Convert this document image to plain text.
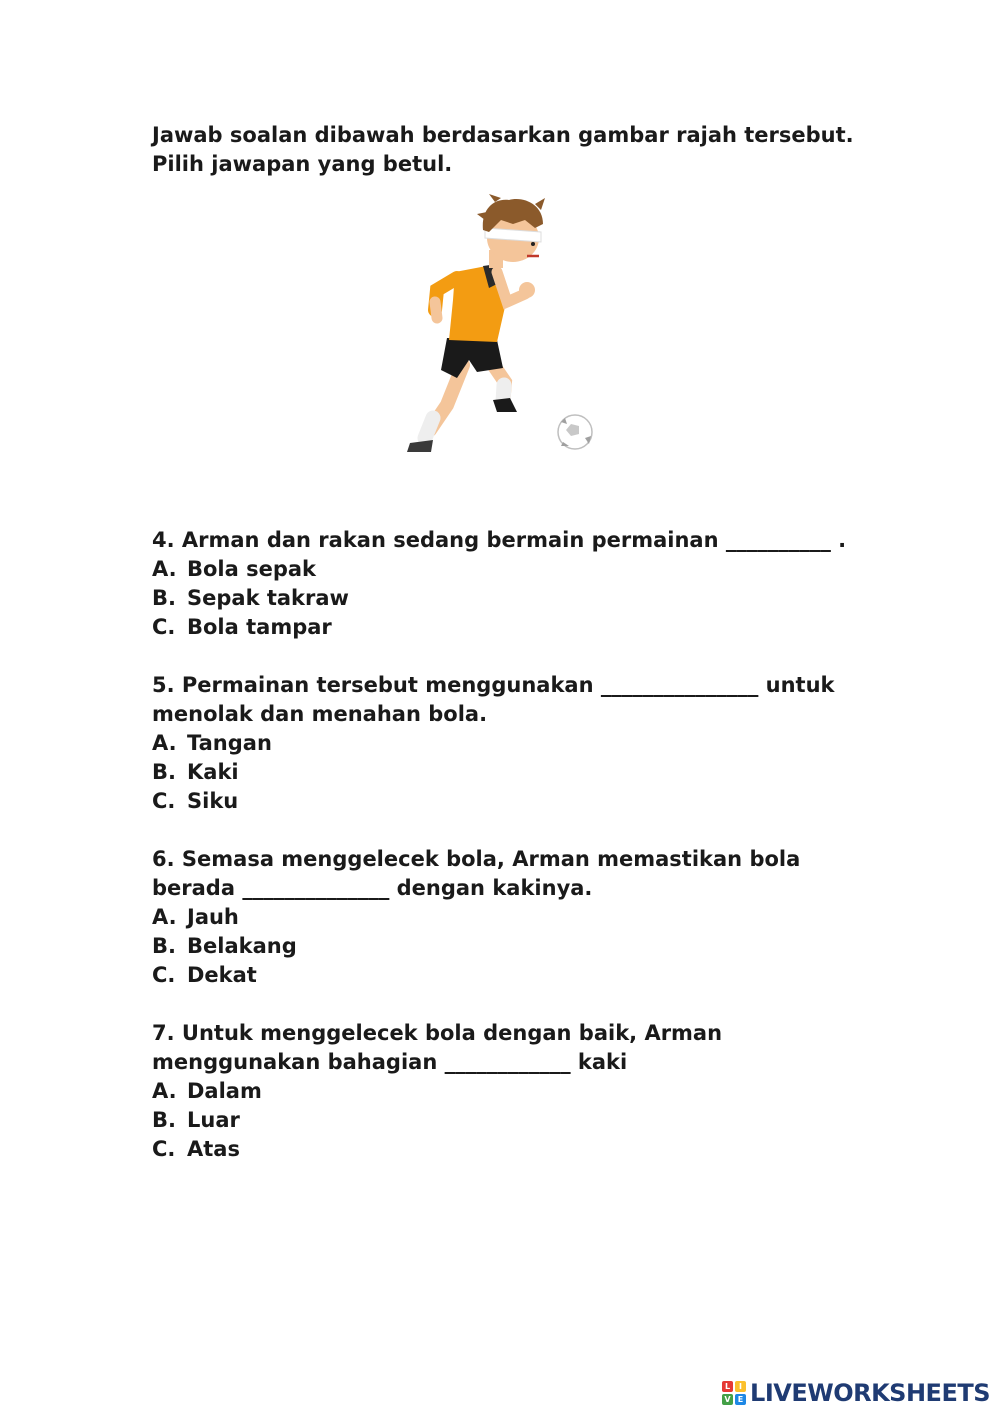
Jawab soalan dibawah berdasarkan gambar rajah tersebut.
Pilih jawapan yang betul.
4. Arman dan rakan sedang bermain permainan __________ .
A. Bola sepak
B. Sepak takraw
C. Bola tampar
5. Permainan tersebut menggunakan _______________ untuk
menolak dan menahan bola.
A. Tangan
B. Kaki
C. Siku
6. Semasa menggelecek bola, Arman memastikan bola
berada ______________ dengan kakinya.
A. Jauh
B. Belakang
C. Dekat
7. Untuk menggelecek bola dengan baik, Arman
menggunakan bahagian ____________ kaki
A. Dalam
B. Luar
C. Atas
L	I
V E LIVEWORKSHEETS
